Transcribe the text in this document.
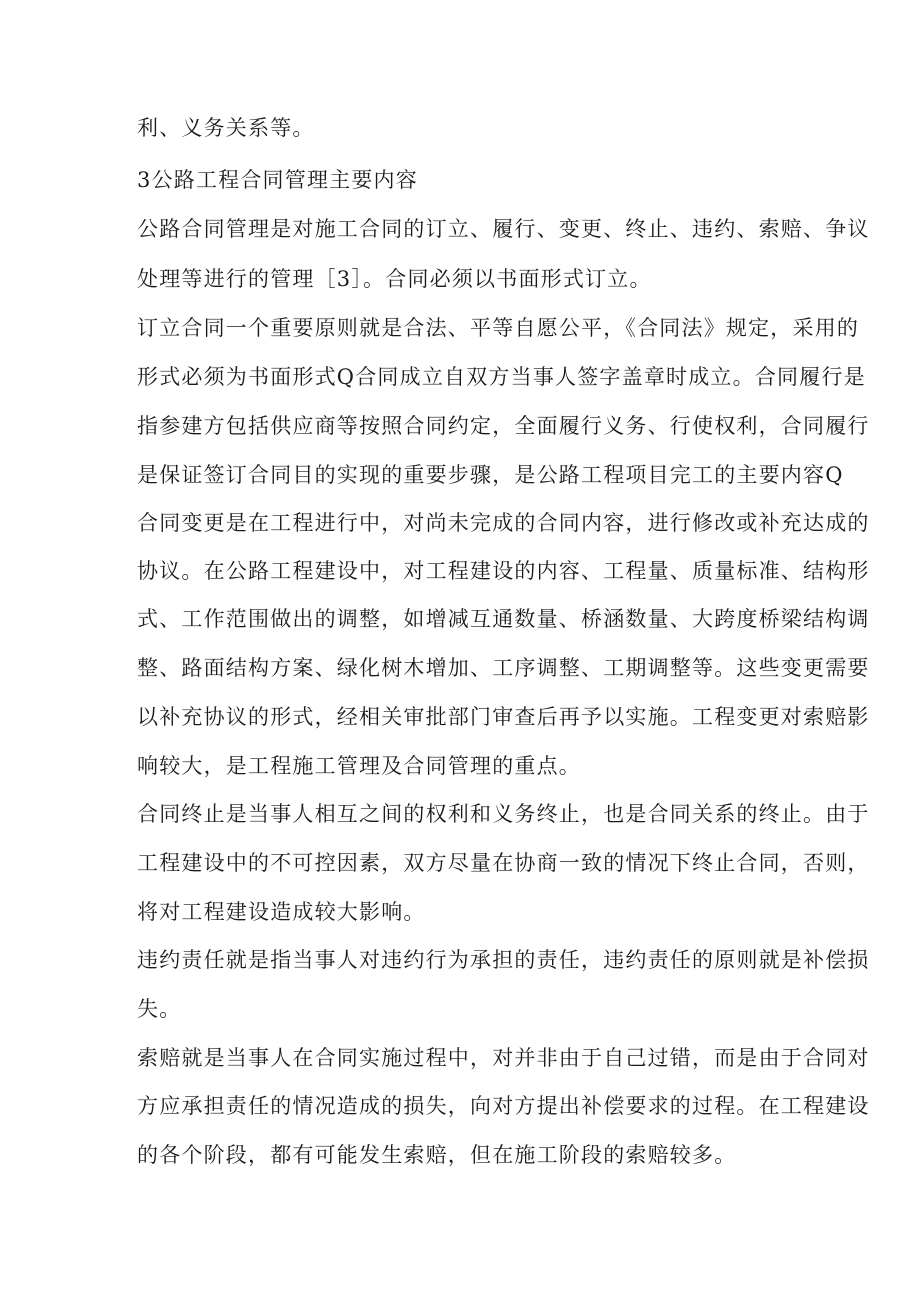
利、义务关系等。
3公路工程合同管理主要内容
公路合同管理是对施工合同的订立、履行、变更、终止、违约、索赔、争议
处理等进行的管理［3］。合同必须以书面形式订立。
订立合同一个重要原则就是合法、平等自愿公平，《合同法》规定，采用的
形式必须为书面形式Q合同成立自双方当事人签字盖章时成立。合同履行是
指参建方包括供应商等按照合同约定，全面履行义务、行使权利，合同履行
是保证签订合同目的实现的重要步骤，是公路工程项目完工的主要内容Q
合同变更是在工程进行中，对尚未完成的合同内容，进行修改或补充达成的
协议。在公路工程建设中，对工程建设的内容、工程量、质量标准、结构形
式、工作范围做出的调整，如增减互通数量、桥涵数量、大跨度桥梁结构调
整、路面结构方案、绿化树木增加、工序调整、工期调整等。这些变更需要
以补充协议的形式，经相关审批部门审查后再予以实施。工程变更对索赔影
响较大，是工程施工管理及合同管理的重点。
合同终止是当事人相互之间的权利和义务终止，也是合同关系的终止。由于
工程建设中的不可控因素，双方尽量在协商一致的情况下终止合同，否则，
将对工程建设造成较大影响。
违约责任就是指当事人对违约行为承担的责任，违约责任的原则就是补偿损
失。
索赔就是当事人在合同实施过程中，对并非由于自己过错，而是由于合同对
方应承担责任的情况造成的损失，向对方提出补偿要求的过程。在工程建设
的各个阶段，都有可能发生索赔，但在施工阶段的索赔较多。
